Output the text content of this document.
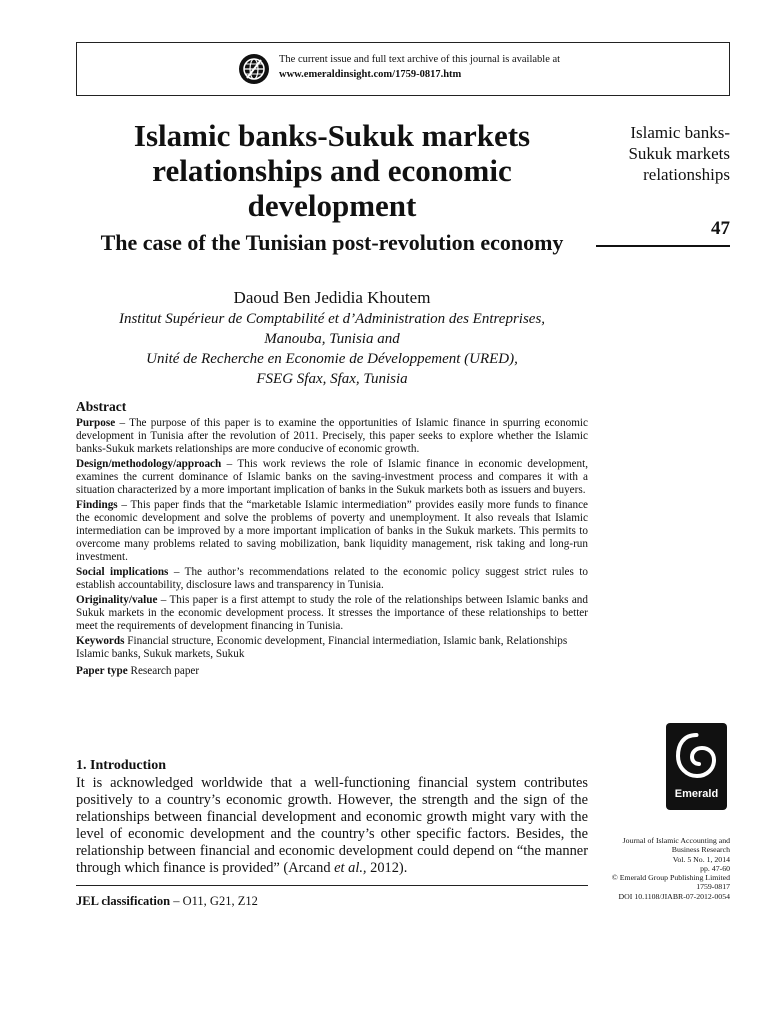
The current issue and full text archive of this journal is available at
www.emeraldinsight.com/1759-0817.htm
Islamic banks-Sukuk markets relationships and economic development
The case of the Tunisian post-revolution economy
Daoud Ben Jedidia Khoutem
Institut Supérieur de Comptabilité et d’Administration des Entreprises,
Manouba, Tunisia and
Unité de Recherche en Economie de Développement (URED),
FSEG Sfax, Sfax, Tunisia
Islamic banks-
Sukuk markets
relationships
47
Abstract

Purpose – The purpose of this paper is to examine the opportunities of Islamic finance in spurring economic development in Tunisia after the revolution of 2011. Precisely, this paper seeks to explore whether the Islamic banks-Sukuk markets relationships are more conducive of economic growth.

Design/methodology/approach – This work reviews the role of Islamic finance in economic development, examines the current dominance of Islamic banks on the saving-investment process and compares it with a situation characterized by a more important implication of banks in the Sukuk markets both as issuers and buyers.

Findings – This paper finds that the “marketable Islamic intermediation” provides easily more funds to finance the economic development and solve the problems of poverty and unemployment. It also reveals that Islamic intermediation can be improved by a more important implication of banks in the Sukuk markets. This permits to overcome many problems related to saving mobilization, bank liquidity management, risk taking and long-run investment.

Social implications – The author’s recommendations related to the economic policy suggest strict rules to establish accountability, disclosure laws and transparency in Tunisia.

Originality/value – This paper is a first attempt to study the role of the relationships between Islamic banks and Sukuk markets in the economic development process. It stresses the importance of these relationships to better meet the requirements of development financing in Tunisia.

Keywords Financial structure, Economic development, Financial intermediation, Islamic bank, Relationships Islamic banks, Sukuk markets, Sukuk

Paper type Research paper

1. Introduction

It is acknowledged worldwide that a well-functioning financial system contributes positively to a country’s economic growth. However, the strength and the sign of the relationships between financial development and economic growth might vary with the level of economic development and the country’s other specific factors. Besides, the relationship between financial and economic development could depend on “the manner through which finance is provided” (Arcand et al., 2012).

JEL classification – O11, G21, Z12
Emerald
Journal of Islamic Accounting and
Business Research
Vol. 5 No. 1, 2014
pp. 47-60
© Emerald Group Publishing Limited
1759-0817
DOI 10.1108/JIABR-07-2012-0054
